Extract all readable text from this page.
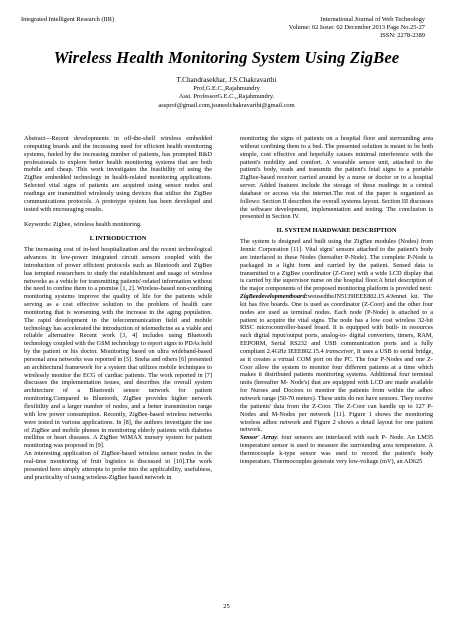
Integrated Intelligent Research (IIR)	International Journal of Web Technology
Volume: 02 Issue: 02 December 2013 Page No.25-27
ISSN: 2278-2389
Wireless Health Monitoring System Using ZigBee
T.Chandrasekhar, J.S.Chakravarthi
Prof,G.E.C.,Rajahmundry
Asst. ProfessorG.E.C.,,Rajahmundry.
assprof@gmail.com,jsuneelchakravarthi@gmail.com

Abstract—Recent developments in off-the-shelf wireless embedded computing boards and the increasing need for efficient health monitoring systems, fueled by the increasing number of patients, has prompted R&D professionals to explore better health monitoring systems that are both mobile and cheap. This work investigates the feasibility of using the ZigBee embedded technology in health-related monitoring applications. Selected vital signs of patients are acquired using sensor nodes and readings are transmitted wirelessly using devices that utilize the ZigBee communications protocols. A prototype system has been developed and tested with encouraging results.

Keywords: Zigbee, wireless health monitoring.

I. INTRODUCTION

The increasing cost of in-bed hospitalization and the recent technological advances in low-power integrated circuit sensors coupled with the introduction of power efficient protocols such as Bluetooth and ZigBee has tempted researchers to study the establishment and usage of wireless networks as a vehicle for transmitting patients'-related information without the need to confine them to a premise [1, 2]. Wireless-based non-confining monitoring systems improve the quality of life for the patients while serving as a cost effective solution to the problem of health care monitoring that is worsening with the increase in the aging population. The rapid development in the telecommunication field and mobile technology has accelerated the introduction of telemedicine as a viable and reliable alternative Recent work [3, 4] includes using Bluetooth technology coupled with the GSM technology to report signs to PDAs held by the patient or his doctor. Monitoring based on ultra wideband-based personal area networks was reported in [5]. Sneha and others [6] presented an architectural framework for a system that utilizes mobile techniques to wirelessly monitor the ECG of cardiac patients. The work reported in [7] discusses the implementation issues, and describes the overall system architecture of a Bluetooth sensor network for patient monitoring.Compared to Bluetooth, ZigBee provides higher network flexibility and a larger number of nodes, and a better transmission range with low power consumption. Recently, ZigBee-based wireless networks were tested in various applications. In [8], the authors investigate the use of ZigBee and mobile phones in monitoring elderly patients with diabetes mellitus or heart diseases. A ZigBee WiMAX nursery system for patient monitoring was proposed in [9].

An interesting application of ZigBee-based wireless sensor nodes in the real-time monitoring of fruit logistics is discussed in [10].The work presented here simply attempts to probe into the applicability, usefulness, and practicality of using wireless-ZigBee based network in

monitoring the signs of patients on a hospital floor and surrounding area without confining them to a bed. The presented solution is meant to be both simple, cost effective and hopefully causes minimal interference with the patient's mobility and comfort. A wearable sensor unit, attached to the patient's body, reads and transmits the patient's fetal signs to a portable ZigBee-based receiver carried around by a nurse or doctor or to a hospital server. Added features include the storage of these readings in a central database or access via the internet.The rest of the paper is organized as follows: Section II describes the overall systems layout. Section III discusses the software development, implementation and testing. The conclusion is presented in Section IV.

II. SYSTEM HARDWARE DESCRIPTION

The system is designed and built using the ZigBee modules (Nodes) from Jennic Corporation [11]. Vital signs' sensors attached to the patient's body are interfaced to these Nodes (hereafter P-Node). The complete P-Node is packaged in a light form and carried by the patient. Sensed data is transmitted to a ZigBee coordinator (Z-Coor) with a wide LCD display that is carried by the supervisor nurse on the hospital floor.A brief description of the major components of the proposed monitoring platform is provided next:

ZigBeedevelopmentboard:weusedtheJN5139IEEE802.15.4/Jennet kit. The kit has five boards. One is used as coordinator (Z-Coor) and the other four nodes are used as terminal nodes. Each node (P-Node) is attached to a patient to acquire the vital signs. The node has a low cost wireless 32-bit RISC microcontroller-based board. It is equipped with built- in resources such digital input/output ports, analog-to- digital converters, timers, RAM, EEPORM, Serial RS232 and USB communication ports and a fully compliant 2.4GHz IEEE802.15.4 transceiver, It uses a USB to serial bridge, as it creates a virtual COM port on the PC. The four P-Nodes and one Z-Coor allow the system to monitor four different patients at a time which makes it distributed patients monitoring systems. Additional four terminal units (hereafter M- Node's) that are equipped with LCD are made available for Nurses and Doctors to monitor the patients from within the adhoc network range (50-70 meters). These units do not have sensors. They receive the patients' data from the Z-Coor. The Z-Coor can handle up to 127 P-Nodes and M-Nodes per network [11]. Figure 1 shows the monitoring wireless adhoc network and Figure 2 shows a detail layout for one patient network.

Sensor' Array: four sensors are interfaced with each P- Node. An LM35 temperature sensor is used to measure the surrounding area temperature. A thermocouple k-type sensor was used to record the patient's body temperature. Thermocouples generate very low-voltage (mV), an AD625

25
